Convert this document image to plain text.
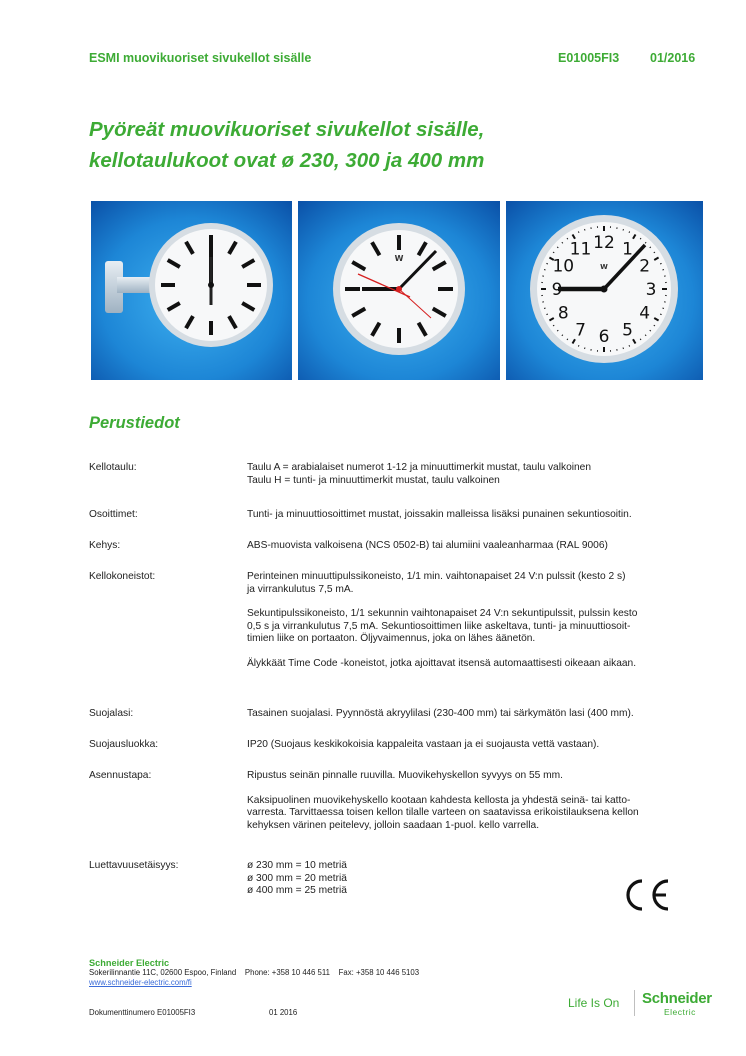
ESMI muovikuoriset sivukellot sisälle	E01005FI3 01/2016
Pyöreät muovikuoriset sivukellot sisälle,
kellotaulukoot ovat ø 230, 300 ja 400 mm
W
12 1
2
3
4
5
6
7
8
9
10
11
W
Perustiedot
Kellotaulu:	Taulu A = arabialaiset numerot 1-12 ja minuuttimerkit mustat, taulu valkoinen

Taulu H = tunti- ja minuuttimerkit mustat, taulu valkoinen

Osoittimet:	Tunti- ja minuuttiosoittimet mustat, joissakin malleissa lisäksi punainen sekuntiosoitin.

Kehys:	ABS-muovista valkoisena (NCS 0502-B) tai alumiini vaaleanharmaa (RAL 9006)

Kellokoneistot:	Perinteinen minuuttipulssikoneisto, 1/1 min. vaihtonapaiset 24 V:n pulssit (kesto 2 s)

ja virrankulutus 7,5 mA.

Sekuntipulssikoneisto, 1/1 sekunnin vaihtonapaiset 24 V:n sekuntipulssit, pulssin kesto

0,5 s ja virrankulutus 7,5 mA. Sekuntiosoittimen liike askeltava, tunti- ja minuuttiosoit-

timien liike on portaaton. Öljyvaimennus, joka on lähes äänetön.

Älykkäät Time Code -koneistot, jotka ajoittavat itsensä automaattisesti oikeaan aikaan.

Suojalasi:	Tasainen suojalasi. Pyynnöstä akryylilasi (230-400 mm) tai särkymätön lasi (400 mm).

Suojausluokka:	IP20 (Suojaus keskikokoisia kappaleita vastaan ja ei suojausta vettä vastaan).

Asennustapa:	Ripustus seinän pinnalle ruuvilla. Muovikehyskellon syvyys on 55 mm.

Kaksipuolinen muovikehyskello kootaan kahdesta kellosta ja yhdestä seinä- tai katto-

varresta. Tarvittaessa toisen kellon tilalle varteen on saatavissa erikoistilauksena kellon

kehyksen värinen peitelevy, jolloin saadaan 1-puol. kello varrella.

Luettavuusetäisyys:	ø 230 mm = 10 metriä

ø 300 mm = 20 metriä

ø 400 mm = 25 metriä

CE
Schneider Electric
Sokerilinnantie 11C, 02600 Espoo, Finland Phone: +358 10 446 511 Fax: +358 10 446 5103
www.schneider-electric.com/fi
Dokumenttinumero E01005FI3	01 2016
Life Is On Schneider
Electric
